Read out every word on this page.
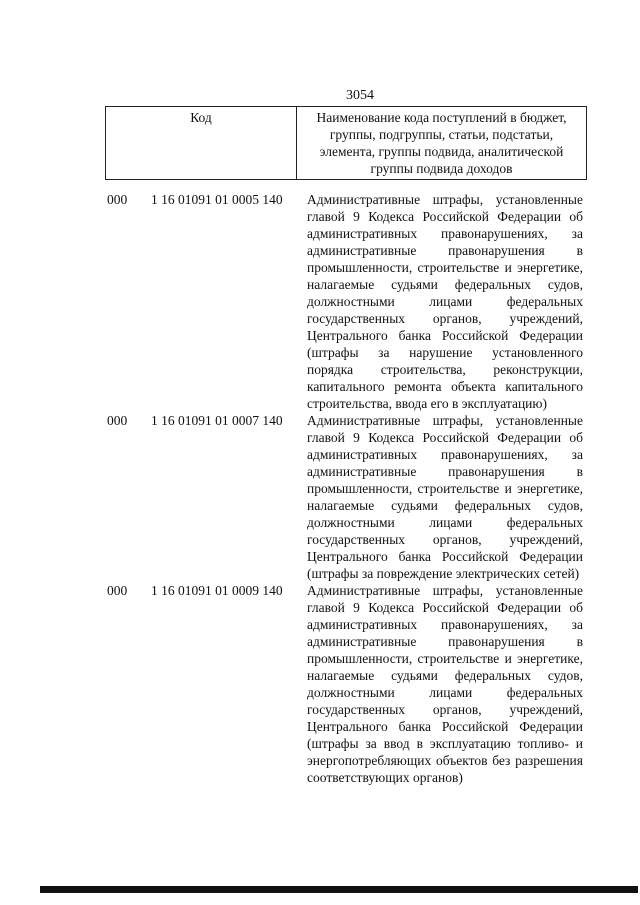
3054
Код	Наименование кода поступлений в бюджет, группы, подгруппы, статьи, подстатьи, элемента, группы подвида, аналитической группы подвида доходов
000	1 16 01091 01 0005 140	Административные штрафы, установленные главой 9 Кодекса Российской Федерации об административных правонарушениях, за административные правонарушения в промышленности, строительстве и энергетике, налагаемые судьями федеральных судов, должностными лицами федеральных государственных органов, учреждений, Центрального банка Российской Федерации (штрафы за нарушение установленного порядка строительства, реконструкции, капитального ремонта объекта капитального строительства, ввода его в эксплуатацию)
000	1 16 01091 01 0007 140	Административные штрафы, установленные главой 9 Кодекса Российской Федерации об административных правонарушениях, за административные правонарушения в промышленности, строительстве и энергетике, налагаемые судьями федеральных судов, должностными лицами федеральных государственных органов, учреждений, Центрального банка Российской Федерации (штрафы за повреждение электрических сетей)
000	1 16 01091 01 0009 140	Административные штрафы, установленные главой 9 Кодекса Российской Федерации об административных правонарушениях, за административные правонарушения в промышленности, строительстве и энергетике, налагаемые судьями федеральных судов, должностными лицами федеральных государственных органов, учреждений, Центрального банка Российской Федерации (штрафы за ввод в эксплуатацию топливо- и энергопотребляющих объектов без разрешения соответствующих органов)
